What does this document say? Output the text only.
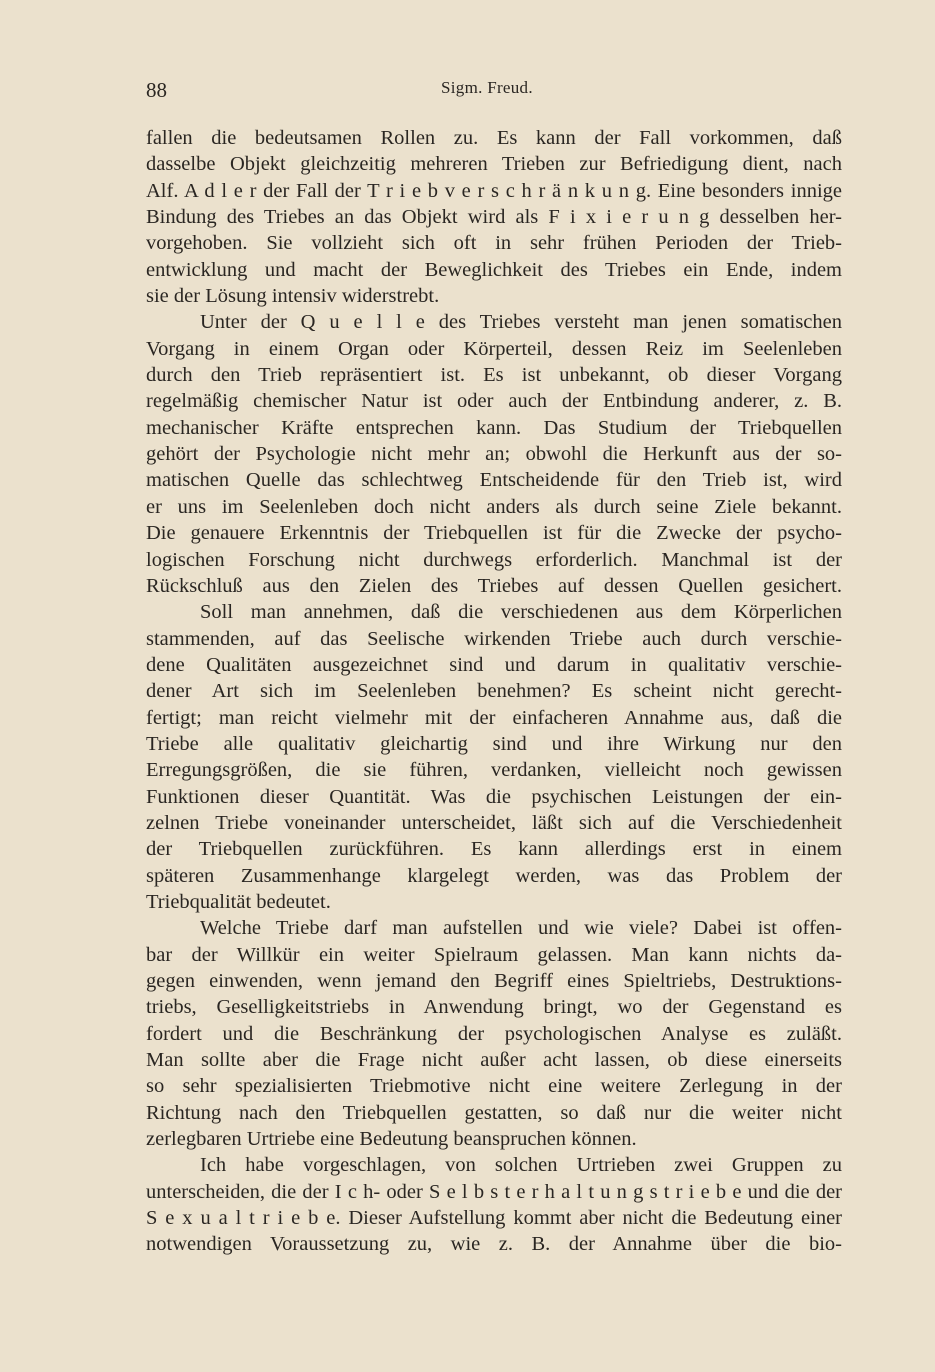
88	Sigm. Freud.
fallen die bedeutsamen Rollen zu. Es kann der Fall vorkommen, daß
dasselbe Objekt gleichzeitig mehreren Trieben zur Befriedigung dient, nach
Alf. A d l e r der Fall der T r i e b v e r s c h r ä n k u n g. Eine besonders innige
Bindung des Triebes an das Objekt wird als F i x i e r u n g desselben her-
vorgehoben. Sie vollzieht sich oft in sehr frühen Perioden der Trieb-
entwicklung und macht der Beweglichkeit des Triebes ein Ende, indem
sie der Lösung intensiv widerstrebt.
Unter der Q u e l l e des Triebes versteht man jenen somatischen
Vorgang in einem Organ oder Körperteil, dessen Reiz im Seelenleben
durch den Trieb repräsentiert ist. Es ist unbekannt, ob dieser Vorgang
regelmäßig chemischer Natur ist oder auch der Entbindung anderer, z. B.
mechanischer Kräfte entsprechen kann. Das Studium der Triebquellen
gehört der Psychologie nicht mehr an; obwohl die Herkunft aus der so-
matischen Quelle das schlechtweg Entscheidende für den Trieb ist, wird
er uns im Seelenleben doch nicht anders als durch seine Ziele bekannt.
Die genauere Erkenntnis der Triebquellen ist für die Zwecke der psycho-
logischen Forschung nicht durchwegs erforderlich. Manchmal ist der
Rückschluß aus den Zielen des Triebes auf dessen Quellen gesichert.
Soll man annehmen, daß die verschiedenen aus dem Körperlichen
stammenden, auf das Seelische wirkenden Triebe auch durch verschie-
dene Qualitäten ausgezeichnet sind und darum in qualitativ verschie-
dener Art sich im Seelenleben benehmen? Es scheint nicht gerecht-
fertigt; man reicht vielmehr mit der einfacheren Annahme aus, daß die
Triebe alle qualitativ gleichartig sind und ihre Wirkung nur den
Erregungsgrößen, die sie führen, verdanken, vielleicht noch gewissen
Funktionen dieser Quantität. Was die psychischen Leistungen der ein-
zelnen Triebe voneinander unterscheidet, läßt sich auf die Verschiedenheit
der Triebquellen zurückführen. Es kann allerdings erst in einem
späteren Zusammenhange klargelegt werden, was das Problem der
Triebqualität bedeutet.
Welche Triebe darf man aufstellen und wie viele? Dabei ist offen-
bar der Willkür ein weiter Spielraum gelassen. Man kann nichts da-
gegen einwenden, wenn jemand den Begriff eines Spieltriebs, Destruktions-
triebs, Geselligkeitstriebs in Anwendung bringt, wo der Gegenstand es
fordert und die Beschränkung der psychologischen Analyse es zuläßt.
Man sollte aber die Frage nicht außer acht lassen, ob diese einerseits
so sehr spezialisierten Triebmotive nicht eine weitere Zerlegung in der
Richtung nach den Triebquellen gestatten, so daß nur die weiter nicht
zerlegbaren Urtriebe eine Bedeutung beanspruchen können.
Ich habe vorgeschlagen, von solchen Urtrieben zwei Gruppen zu
unterscheiden, die der I c h- oder S e l b s t e r h a l t u n g s t r i e b e und die der
S e x u a l t r i e b e. Dieser Aufstellung kommt aber nicht die Bedeutung einer
notwendigen Voraussetzung zu, wie z. B. der Annahme über die bio-
